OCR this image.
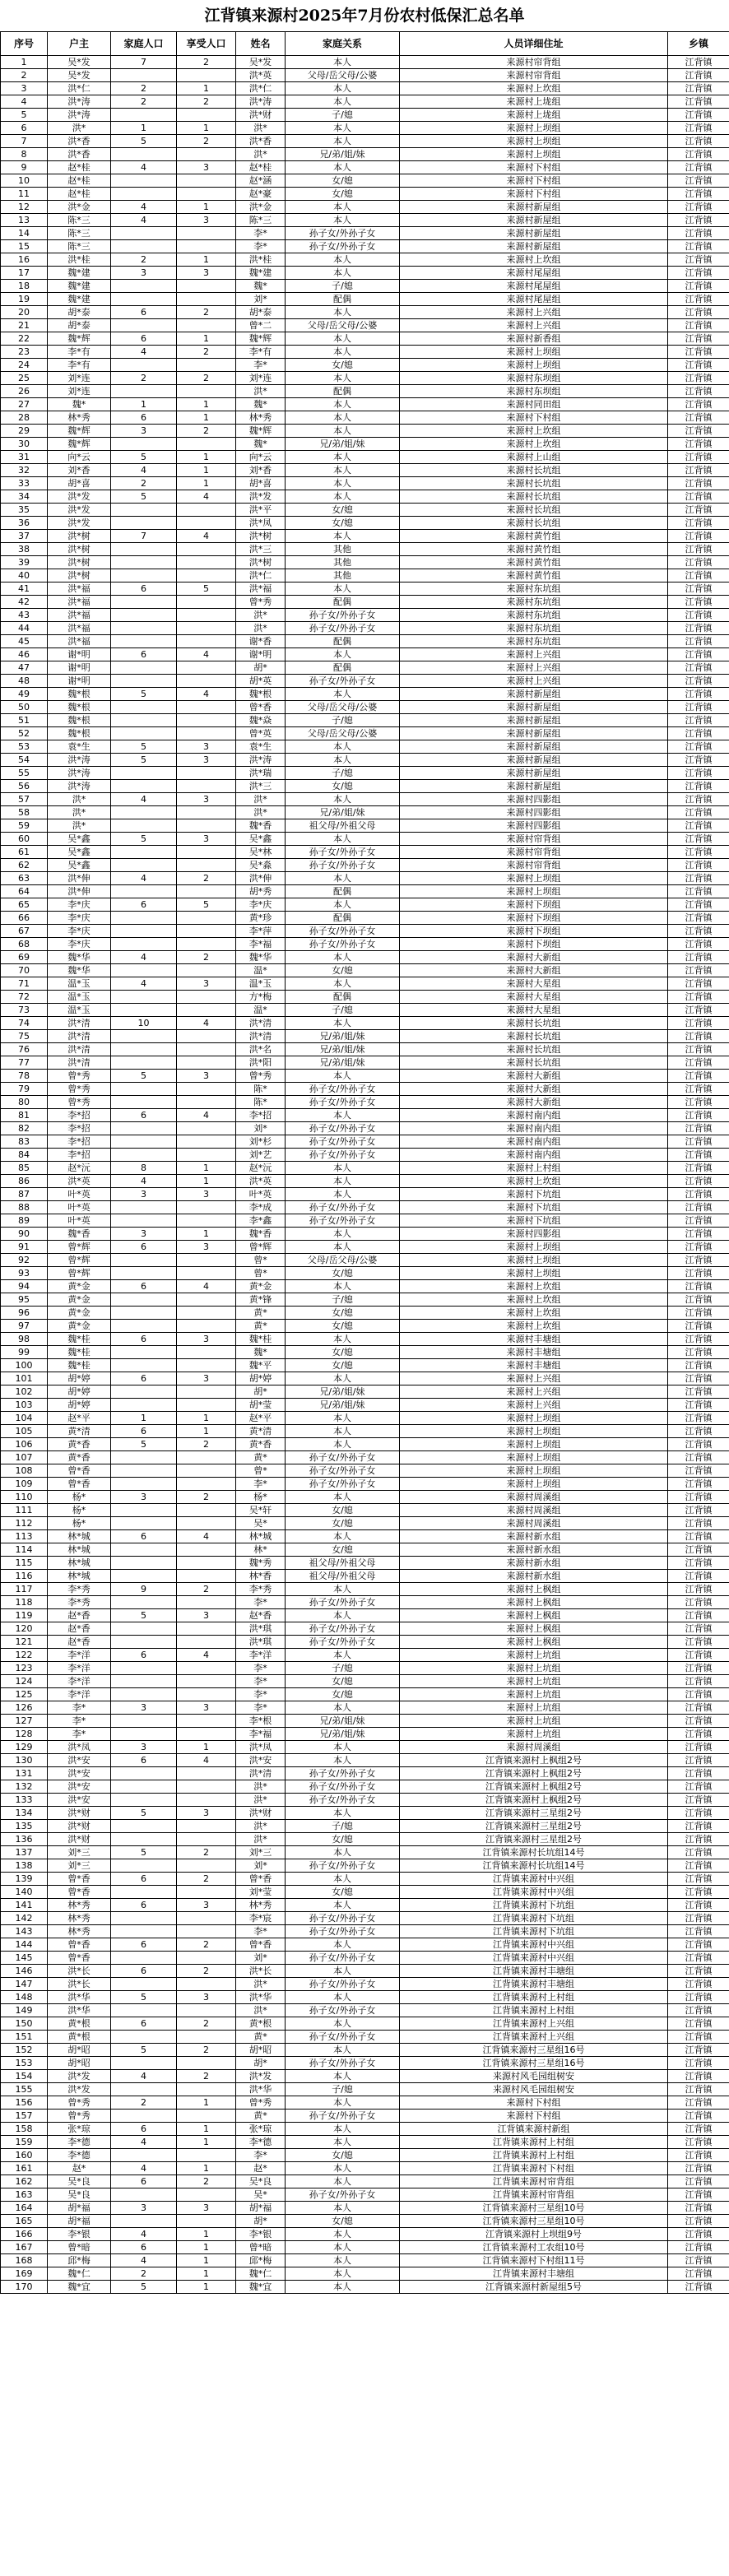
江背镇来源村2025年7月份农村低保汇总名单
序号	户主	家庭人口	享受人口	姓名	家庭关系	人员详细住址	乡镇
1	吴*发	7	2	吴*发	本人	来源村帘背组	江背镇
2	吴*发			洪*英	父母/岳父母/公婆	来源村帘背组	江背镇
3	洪*仁	2	1	洪*仁	本人	来源村上坎组	江背镇
4	洪*涛	2	2	洪*涛	本人	来源村上垅组	江背镇
5	洪*涛			洪*财	子/媳	来源村上垅组	江背镇
6	洪*	1	1	洪*	本人	来源村上坝组	江背镇
7	洪*香	5	2	洪*香	本人	来源村上坝组	江背镇
8	洪*香			洪*	兄/弟/姐/妹	来源村上坝组	江背镇
9	赵*桂	4	3	赵*桂	本人	来源村下村组	江背镇
10	赵*桂			赵*涵	女/媳	来源村下村组	江背镇
11	赵*桂			赵*豪	女/媳	来源村下村组	江背镇
12	洪*金	4	1	洪*金	本人	来源村新屋组	江背镇
13	陈*三	4	3	陈*三	本人	来源村新屋组	江背镇
14	陈*三			李*	孙子女/外孙子女	来源村新屋组	江背镇
15	陈*三			李*	孙子女/外孙子女	来源村新屋组	江背镇
16	洪*桂	2	1	洪*桂	本人	来源村上坎组	江背镇
17	魏*建	3	3	魏*建	本人	来源村尾屋组	江背镇
18	魏*建			魏*	子/媳	来源村尾屋组	江背镇
19	魏*建			刘*	配偶	来源村尾屋组	江背镇
20	胡*泰	6	2	胡*泰	本人	来源村上兴组	江背镇
21	胡*泰			曾*二	父母/岳父母/公婆	来源村上兴组	江背镇
22	魏*辉	6	1	魏*辉	本人	来源村新香组	江背镇
23	李*有	4	2	李*有	本人	来源村上坝组	江背镇
24	李*有			李*	女/媳	来源村上坝组	江背镇
25	刘*连	2	2	刘*连	本人	来源村东坝组	江背镇
26	刘*连			洪*	配偶	来源村东坝组	江背镇
27	魏*	1	1	魏*	本人	来源村同田组	江背镇
28	林*秀	6	1	林*秀	本人	来源村下村组	江背镇
29	魏*辉	3	2	魏*辉	本人	来源村上坎组	江背镇
30	魏*辉			魏*	兄/弟/姐/妹	来源村上坎组	江背镇
31	向*云	5	1	向*云	本人	来源村上山组	江背镇
32	刘*香	4	1	刘*香	本人	来源村长坑组	江背镇
33	胡*喜	2	1	胡*喜	本人	来源村长坑组	江背镇
34	洪*发	5	4	洪*发	本人	来源村长坑组	江背镇
35	洪*发			洪*平	女/媳	来源村长坑组	江背镇
36	洪*发			洪*凤	女/媳	来源村长坑组	江背镇
37	洪*树	7	4	洪*树	本人	来源村黄竹组	江背镇
38	洪*树			洪*三	其他	来源村黄竹组	江背镇
39	洪*树			洪*树	其他	来源村黄竹组	江背镇
40	洪*树			洪*仁	其他	来源村黄竹组	江背镇
41	洪*福	6	5	洪*福	本人	来源村东坑组	江背镇
42	洪*福			曾*秀	配偶	来源村东坑组	江背镇
43	洪*福			洪*	孙子女/外孙子女	来源村东坑组	江背镇
44	洪*福			洪*	孙子女/外孙子女	来源村东坑组	江背镇
45	洪*福			谢*香	配偶	来源村东坑组	江背镇
46	谢*明	6	4	谢*明	本人	来源村上兴组	江背镇
47	谢*明			胡*	配偶	来源村上兴组	江背镇
48	谢*明			胡*英	孙子女/外孙子女	来源村上兴组	江背镇
49	魏*根	5	4	魏*根	本人	来源村新屋组	江背镇
50	魏*根			曾*香	父母/岳父母/公婆	来源村新屋组	江背镇
51	魏*根			魏*焱	子/媳	来源村新屋组	江背镇
52	魏*根			曾*英	父母/岳父母/公婆	来源村新屋组	江背镇
53	袁*生	5	3	袁*生	本人	来源村新屋组	江背镇
54	洪*涛	5	3	洪*涛	本人	来源村新屋组	江背镇
55	洪*涛			洪*瑞	子/媳	来源村新屋组	江背镇
56	洪*涛			洪*三	女/媳	来源村新屋组	江背镇
57	洪*	4	3	洪*	本人	来源村四影组	江背镇
58	洪*			洪*	兄/弟/姐/妹	来源村四影组	江背镇
59	洪*			魏*香	祖父母/外祖父母	来源村四影组	江背镇
60	吴*鑫	5	3	吴*鑫	本人	来源村帘背组	江背镇
61	吴*鑫			吴*林	孙子女/外孙子女	来源村帘背组	江背镇
62	吴*鑫			吴*淼	孙子女/外孙子女	来源村帘背组	江背镇
63	洪*伸	4	2	洪*伸	本人	来源村上坝组	江背镇
64	洪*伸			胡*秀	配偶	来源村上坝组	江背镇
65	李*庆	6	5	李*庆	本人	来源村下坝组	江背镇
66	李*庆			黄*珍	配偶	来源村下坝组	江背镇
67	李*庆			李*萍	孙子女/外孙子女	来源村下坝组	江背镇
68	李*庆			李*福	孙子女/外孙子女	来源村下坝组	江背镇
69	魏*华	4	2	魏*华	本人	来源村大新组	江背镇
70	魏*华			温*	女/媳	来源村大新组	江背镇
71	温*玉	4	3	温*玉	本人	来源村大星组	江背镇
72	温*玉			方*梅	配偶	来源村大星组	江背镇
73	温*玉			温*	子/媳	来源村大星组	江背镇
74	洪*清	10	4	洪*清	本人	来源村长坑组	江背镇
75	洪*清			洪*清	兄/弟/姐/妹	来源村长坑组	江背镇
76	洪*清			洪*名	兄/弟/姐/妹	来源村长坑组	江背镇
77	洪*清			洪*阳	兄/弟/姐/妹	来源村长坑组	江背镇
78	曾*秀	5	3	曾*秀	本人	来源村大新组	江背镇
79	曾*秀			陈*	孙子女/外孙子女	来源村大新组	江背镇
80	曾*秀			陈*	孙子女/外孙子女	来源村大新组	江背镇
81	李*招	6	4	李*招	本人	来源村南内组	江背镇
82	李*招			刘*	孙子女/外孙子女	来源村南内组	江背镇
83	李*招			刘*杉	孙子女/外孙子女	来源村南内组	江背镇
84	李*招			刘*艺	孙子女/外孙子女	来源村南内组	江背镇
85	赵*沅	8	1	赵*沅	本人	来源村上村组	江背镇
86	洪*英	4	1	洪*英	本人	来源村上坎组	江背镇
87	叶*英	3	3	叶*英	本人	来源村下坑组	江背镇
88	叶*英			李*成	孙子女/外孙子女	来源村下坑组	江背镇
89	叶*英			李*鑫	孙子女/外孙子女	来源村下坑组	江背镇
90	魏*香	3	1	魏*香	本人	来源村四影组	江背镇
91	曾*辉	6	3	曾*辉	本人	来源村上坝组	江背镇
92	曾*辉			曾*	父母/岳父母/公婆	来源村上坝组	江背镇
93	曾*辉			曾*	女/媳	来源村上坝组	江背镇
94	黄*金	6	4	黄*金	本人	来源村上坎组	江背镇
95	黄*金			黄*锋	子/媳	来源村上坎组	江背镇
96	黄*金			黄*	女/媳	来源村上坎组	江背镇
97	黄*金			黄*	女/媳	来源村上坎组	江背镇
98	魏*桂	6	3	魏*桂	本人	来源村丰塘组	江背镇
99	魏*桂			魏*	女/媳	来源村丰塘组	江背镇
100	魏*桂			魏*平	女/媳	来源村丰塘组	江背镇
101	胡*婷	6	3	胡*婷	本人	来源村上兴组	江背镇
102	胡*婷			胡*	兄/弟/姐/妹	来源村上兴组	江背镇
103	胡*婷			胡*莹	兄/弟/姐/妹	来源村上兴组	江背镇
104	赵*平	1	1	赵*平	本人	来源村上坝组	江背镇
105	黄*清	6	1	黄*清	本人	来源村上坝组	江背镇
106	黄*香	5	2	黄*香	本人	来源村上坝组	江背镇
107	黄*香			黄*	孙子女/外孙子女	来源村上坝组	江背镇
108	曾*香			曾*	孙子女/外孙子女	来源村上坝组	江背镇
109	曾*香			李*	孙子女/外孙子女	来源村上坝组	江背镇
110	杨*	3	2	杨*	本人	来源村周溪组	江背镇
111	杨*			吴*轩	女/媳	来源村周溪组	江背镇
112	杨*			吴*	女/媳	来源村周溪组	江背镇
113	林*城	6	4	林*城	本人	来源村新水组	江背镇
114	林*城			林*	女/媳	来源村新水组	江背镇
115	林*城			魏*秀	祖父母/外祖父母	来源村新水组	江背镇
116	林*城			林*香	祖父母/外祖父母	来源村新水组	江背镇
117	李*秀	9	2	李*秀	本人	来源村上枫组	江背镇
118	李*秀			李*	孙子女/外孙子女	来源村上枫组	江背镇
119	赵*香	5	3	赵*香	本人	来源村上枫组	江背镇
120	赵*香			洪*琪	孙子女/外孙子女	来源村上枫组	江背镇
121	赵*香			洪*琪	孙子女/外孙子女	来源村上枫组	江背镇
122	李*洋	6	4	李*洋	本人	来源村上坑组	江背镇
123	李*洋			李*	子/媳	来源村上坑组	江背镇
124	李*洋			李*	女/媳	来源村上坑组	江背镇
125	李*洋			李*	女/媳	来源村上坑组	江背镇
126	李*	3	3	李*	本人	来源村上坑组	江背镇
127	李*			李*根	兄/弟/姐/妹	来源村上坑组	江背镇
128	李*			李*福	兄/弟/姐/妹	来源村上坑组	江背镇
129	洪*凤	3	1	洪*凤	本人	来源村周溪组	江背镇
130	洪*安	6	4	洪*安	本人	江背镇来源村上枫组2号	江背镇
131	洪*安			洪*清	孙子女/外孙子女	江背镇来源村上枫组2号	江背镇
132	洪*安			洪*	孙子女/外孙子女	江背镇来源村上枫组2号	江背镇
133	洪*安			洪*	孙子女/外孙子女	江背镇来源村上枫组2号	江背镇
134	洪*财	5	3	洪*财	本人	江背镇来源村三星组2号	江背镇
135	洪*财			洪*	子/媳	江背镇来源村三星组2号	江背镇
136	洪*财			洪*	女/媳	江背镇来源村三星组2号	江背镇
137	刘*三	5	2	刘*三	本人	江背镇来源村长坑组14号	江背镇
138	刘*三			刘*	孙子女/外孙子女	江背镇来源村长坑组14号	江背镇
139	曾*香	6	2	曾*香	本人	江背镇来源村中兴组	江背镇
140	曾*香			刘*莹	女/媳	江背镇来源村中兴组	江背镇
141	林*秀	6	3	林*秀	本人	江背镇来源村下坑组	江背镇
142	林*秀			李*宸	孙子女/外孙子女	江背镇来源村下坑组	江背镇
143	林*秀			李*	孙子女/外孙子女	江背镇来源村下坑组	江背镇
144	曾*香	6	2	曾*香	本人	江背镇来源村中兴组	江背镇
145	曾*香			刘*	孙子女/外孙子女	江背镇来源村中兴组	江背镇
146	洪*长	6	2	洪*长	本人	江背镇来源村丰塘组	江背镇
147	洪*长			洪*	孙子女/外孙子女	江背镇来源村丰塘组	江背镇
148	洪*华	5	3	洪*华	本人	江背镇来源村上村组	江背镇
149	洪*华			洪*	孙子女/外孙子女	江背镇来源村上村组	江背镇
150	黄*根	6	2	黄*根	本人	江背镇来源村上兴组	江背镇
151	黄*根			黄*	孙子女/外孙子女	江背镇来源村上兴组	江背镇
152	胡*昭	5	2	胡*昭	本人	江背镇来源村三星组16号	江背镇
153	胡*昭			胡*	孙子女/外孙子女	江背镇来源村三星组16号	江背镇
154	洪*发	4	2	洪*发	本人	来源村风毛园组树安	江背镇
155	洪*发			洪*华	子/媳	来源村风毛园组树安	江背镇
156	曾*秀	2	1	曾*秀	本人	来源村下村组	江背镇
157	曾*秀			黄*	孙子女/外孙子女	来源村下村组	江背镇
158	张*琼	6	1	张*琼	本人	江背镇来源村新组	江背镇
159	李*德	4	1	李*德	本人	江背镇来源村上村组	江背镇
160	李*德			李*	女/媳	江背镇来源村上村组	江背镇
161	赵*	4	1	赵*	本人	江背镇来源村下村组	江背镇
162	吴*良	6	2	吴*良	本人	江背镇来源村帘背组	江背镇
163	吴*良			吴*	孙子女/外孙子女	江背镇来源村帘背组	江背镇
164	胡*福	3	3	胡*福	本人	江背镇来源村三星组10号	江背镇
165	胡*福			胡*	女/媳	江背镇来源村三星组10号	江背镇
166	李*银	4	1	李*银	本人	江背镇来源村上坝组9号	江背镇
167	曾*暗	6	1	曾*暗	本人	江背镇来源村工农组10号	江背镇
168	邱*梅	4	1	邱*梅	本人	江背镇来源村下村组11号	江背镇
169	魏*仁	2	1	魏*仁	本人	江背镇来源村丰塘组	江背镇
170	魏*宜	5	1	魏*宜	本人	江背镇来源村新屋组5号	江背镇
